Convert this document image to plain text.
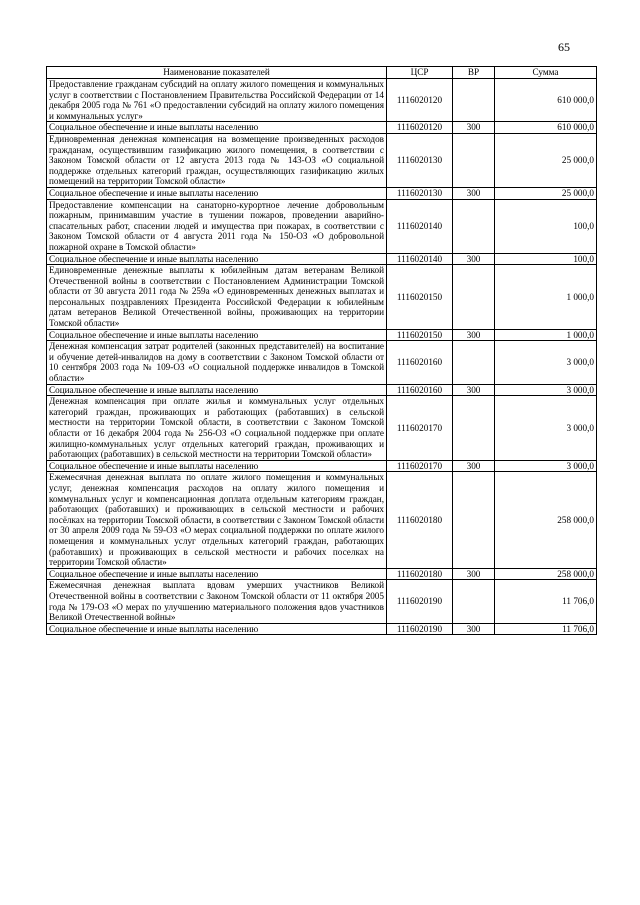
65
Наименование показателей	ЦСР	ВР	Сумма
Предоставление гражданам субсидий на оплату жилого помещения и коммунальных услуг в соответствии с Постановлением Правительства Российской Федерации от 14 декабря 2005 года № 761 «О предоставлении субсидий на оплату жилого помещения и коммунальных услуг»	1116020120		610 000,0
Социальное обеспечение и иные выплаты населению	1116020120	300	610 000,0
Единовременная денежная компенсация на возмещение произведенных расходов гражданам, осуществившим газификацию жилого помещения, в соответствии с Законом Томской области от 12 августа 2013 года № 143-ОЗ «О социальной поддержке отдельных категорий граждан, осуществляющих газификацию жилых помещений на территории Томской области»	1116020130		25 000,0
Социальное обеспечение и иные выплаты населению	1116020130	300	25 000,0
Предоставление компенсации на санаторно-курортное лечение добровольным пожарным, принимавшим участие в тушении пожаров, проведении аварийно-спасательных работ, спасении людей и имущества при пожарах, в соответствии с Законом Томской области от 4 августа 2011 года № 150-ОЗ «О добровольной пожарной охране в Томской области»	1116020140		100,0
Социальное обеспечение и иные выплаты населению	1116020140	300	100,0
Единовременные денежные выплаты к юбилейным датам ветеранам Великой Отечественной войны в соответствии с Постановлением Администрации Томской области от 30 августа 2011 года № 259а «О единовременных денежных выплатах и персональных поздравлениях Президента Российской Федерации к юбилейным датам ветеранов Великой Отечественной войны, проживающих на территории Томской области»	1116020150		1 000,0
Социальное обеспечение и иные выплаты населению	1116020150	300	1 000,0
Денежная компенсация затрат родителей (законных представителей) на воспитание и обучение детей-инвалидов на дому в соответствии с Законом Томской области от 10 сентября 2003 года № 109-ОЗ «О социальной поддержке инвалидов в Томской области»	1116020160		3 000,0
Социальное обеспечение и иные выплаты населению	1116020160	300	3 000,0
Денежная компенсация при оплате жилья и коммунальных услуг отдельных категорий граждан, проживающих и работающих (работавших) в сельской местности на территории Томской области, в соответствии с Законом Томской области от 16 декабря 2004 года № 256-ОЗ «О социальной поддержке при оплате жилищно-коммунальных услуг отдельных категорий граждан, проживающих и работающих (работавших) в сельской местности на территории Томской области»	1116020170		3 000,0
Социальное обеспечение и иные выплаты населению	1116020170	300	3 000,0
Ежемесячная денежная выплата по оплате жилого помещения и коммунальных услуг, денежная компенсация расходов на оплату жилого помещения и коммунальных услуг и компенсационная доплата отдельным категориям граждан, работающих (работавших) и проживающих в сельской местности и рабочих посёлках на территории Томской области, в соответствии с Законом Томской области от 30 апреля 2009 года № 59-ОЗ «О мерах социальной поддержки по оплате жилого помещения и коммунальных услуг отдельных категорий граждан, работающих (работавших) и проживающих в сельской местности и рабочих поселках на территории Томской области»	1116020180		258 000,0
Социальное обеспечение и иные выплаты населению	1116020180	300	258 000,0
Ежемесячная денежная выплата вдовам умерших участников Великой Отечественной войны в соответствии с Законом Томской области от 11 октября 2005 года № 179-ОЗ «О мерах по улучшению материального положения вдов участников Великой Отечественной войны»	1116020190		11 706,0
Социальное обеспечение и иные выплаты населению	1116020190	300	11 706,0
